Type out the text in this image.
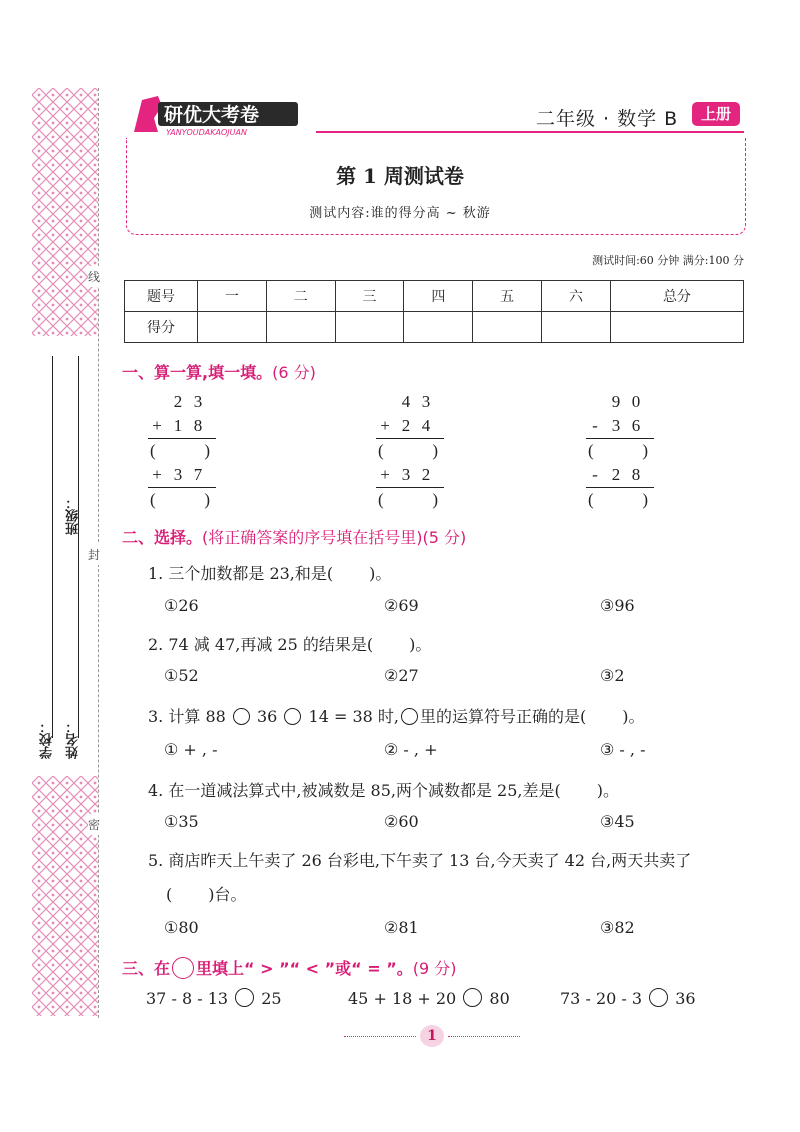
线
封
密
学校：
班级：
姓名：
研优大考卷
YANYOUDAKAOJUAN
二年级 · 数学 B	上册
第 1 周测试卷
测试内容:谁的得分高 ~ 秋游
测试时间:60 分钟 满分:100 分
题号	一	二	三	四	五	六	总分
得分							
一、算一算,填一填。(6 分)
2 3
+ 1 8
(	)
+ 3 7
(	)
4 3
+ 2 4
(	)
+ 3 2
(	)
9 0
- 3 6
(	)
- 2 8
(	)
二、选择。(将正确答案的序号填在括号里)(5 分)
1. 三个加数都是 23,和是( )。
①26	②69	③96
2. 74 减 47,再减 25 的结果是( )。
①52	②27	③2
3. 计算 88 36 14 = 38 时, 里的运算符号正确的是( )。
① + , -	② - , +	③ - , -
4. 在一道减法算式中,被减数是 85,两个减数都是 25,差是( )。
①35	②60	③45
5. 商店昨天上午卖了 26 台彩电,下午卖了 13 台,今天卖了 42 台,两天共卖了
( )台。
①80	②81	③82
三、在 里填上“ > ”“ < ”或“ = ”。(9 分)
37 - 8 - 13 25	45 + 18 + 20 80	73 - 20 - 3 36
1
